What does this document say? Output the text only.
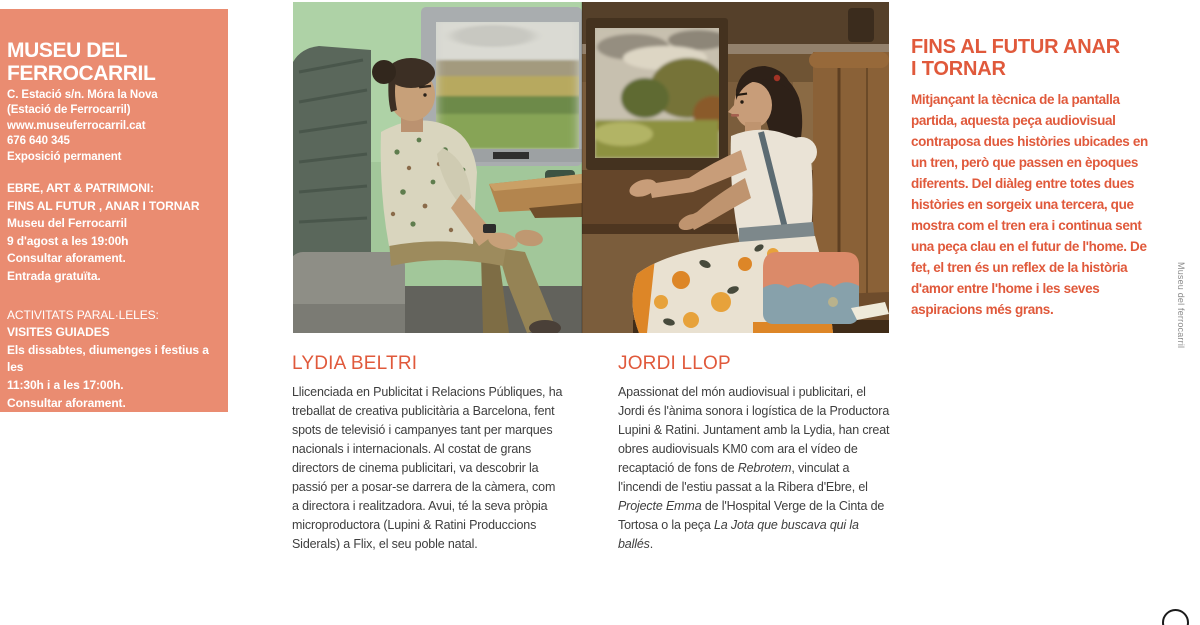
MUSEU DEL
FERROCARRIL
C. Estació s/n. Móra la Nova
(Estació de Ferrocarril)
www.museuferrocarril.cat
676 640 345
Exposició permanent
EBRE, ART & PATRIMONI:
FINS AL FUTUR , ANAR I TORNAR
Museu del Ferrocarril
9 d'agost a les 19:00h
Consultar aforament.
Entrada gratuïta.
ACTIVITATS PARAL·LELES:
VISITES GUIADES
Els dissabtes, diumenges i festius a les
11:30h i a les 17:00h.
Consultar aforament.
LYDIA BELTRI

Llicenciada en Publicitat i Relacions Públiques, ha treballat de creativa publicitària a Barcelona, fent spots de televisió i campanyes tant per marques nacionals i internacionals. Al costat de grans directors de cinema publicitari, va descobrir la passió per a posar-se darrera de la càmera, com a directora i realitzadora. Avui, té la seva pròpia microproductora (Lupini & Ratini Produccions Siderals) a Flix, el seu poble natal.

JORDI LLOP

Apassionat del món audiovisual i publicitari, el Jordi és l'ànima sonora i logística de la Productora Lupini & Ratini. Juntament amb la Lydia, han creat obres audiovisuals KM0 com ara el vídeo de recaptació de fons de Rebrotem, vinculat a l'incendi de l'estiu passat a la Ribera d'Ebre, el Projecte Emma de l'Hospital Verge de la Cinta de Tortosa o la peça La Jota que buscava qui la ballés.

FINS AL FUTUR ANAR
I TORNAR

Mitjançant la tècnica de la pantalla partida, aquesta peça audiovisual contraposa dues històries ubicades en un tren, però que passen en èpoques diferents. Del diàleg entre totes dues històries en sorgeix una tercera, que mostra com el tren era i continua sent una peça clau en el futur de l'home. De fet, el tren és un reflex de la història d'amor entre l'home i les seves aspiracions més grans.	Museu del ferrocarril
